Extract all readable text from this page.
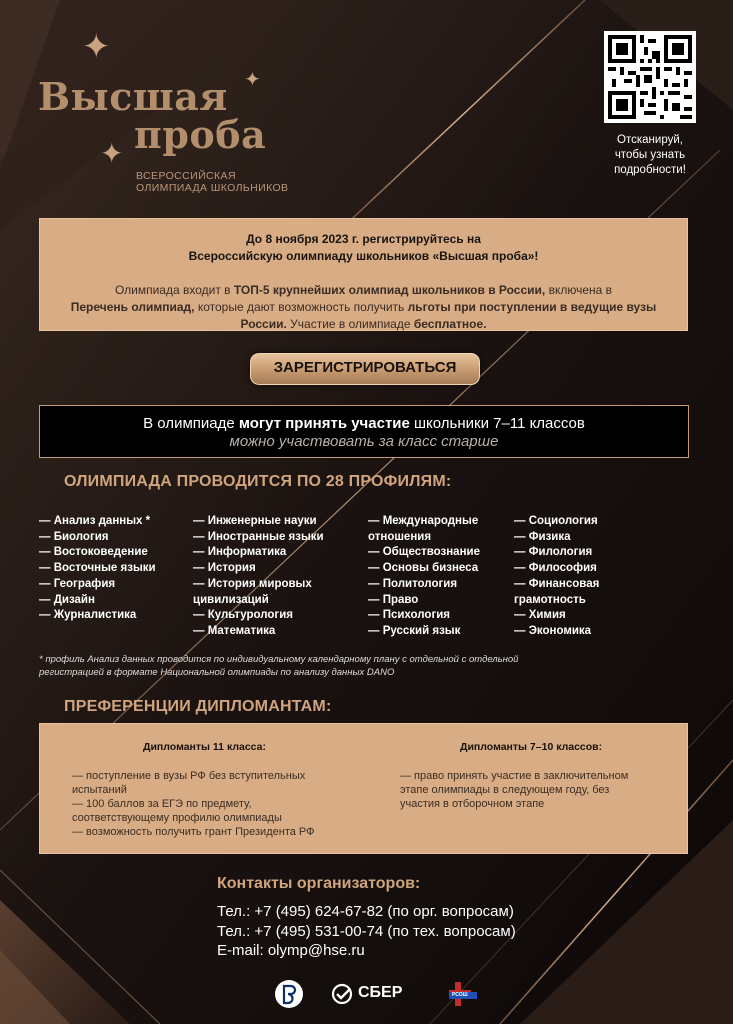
✦
✦
✦
Высшая
проба
ВСЕРОССИЙСКАЯ
ОЛИМПИАДА ШКОЛЬНИКОВ
Отсканируй,
чтобы узнать
подробности!
До 8 ноября 2023 г. регистрируйтесь на
Всероссийскую олимпиаду школьников «Высшая проба»!
Олимпиада входит в ТОП-5 крупнейших олимпиад школьников в России, включена в
Перечень олимпиад, которые дают возможность получить льготы при поступлении в ведущие вузы России. Участие в олимпиаде бесплатное.
ЗАРЕГИСТРИРОВАТЬСЯ
В олимпиаде могут принять участие школьники 7–11 классов
можно участвовать за класс старше
ОЛИМПИАДА ПРОВОДИТСЯ ПО 28 ПРОФИЛЯМ:
— Анализ данных *
— Биология
— Востоковедение
— Восточные языки
— География
— Дизайн
— Журналистика
— Инженерные науки
— Иностранные языки
— Информатика
— История
— История мировых
цивилизаций
— Культурология
— Математика
— Международные
отношения
— Обществознание
— Основы бизнеса
— Политология
— Право
— Психология
— Русский язык
— Социология
— Физика
— Филология
— Философия
— Финансовая
грамотность
— Химия
— Экономика
* профиль Анализ данных проводится по индивидуальному календарному плану с отдельной с отдельной
регистрацией в формате Национальной олимпиады по анализу данных DANO
ПРЕФЕРЕНЦИИ ДИПЛОМАНТАМ:
Дипломанты 11 класса:
— поступление в вузы РФ без вступительных
испытаний
— 100 баллов за ЕГЭ по предмету,
соответствующему профилю олимпиады
— возможность получить грант Президента РФ
Дипломанты 7–10 классов:
— право принять участие в заключительном
этапе олимпиады в следующем году, без
участия в отборочном этапе
Контакты организаторов:
Тел.: +7 (495) 624-67-82 (по орг. вопросам)
Тел.: +7 (495) 531-00-74 (по тех. вопросам)
E-mail: olymp@hse.ru
СБЕР	РСОШ
